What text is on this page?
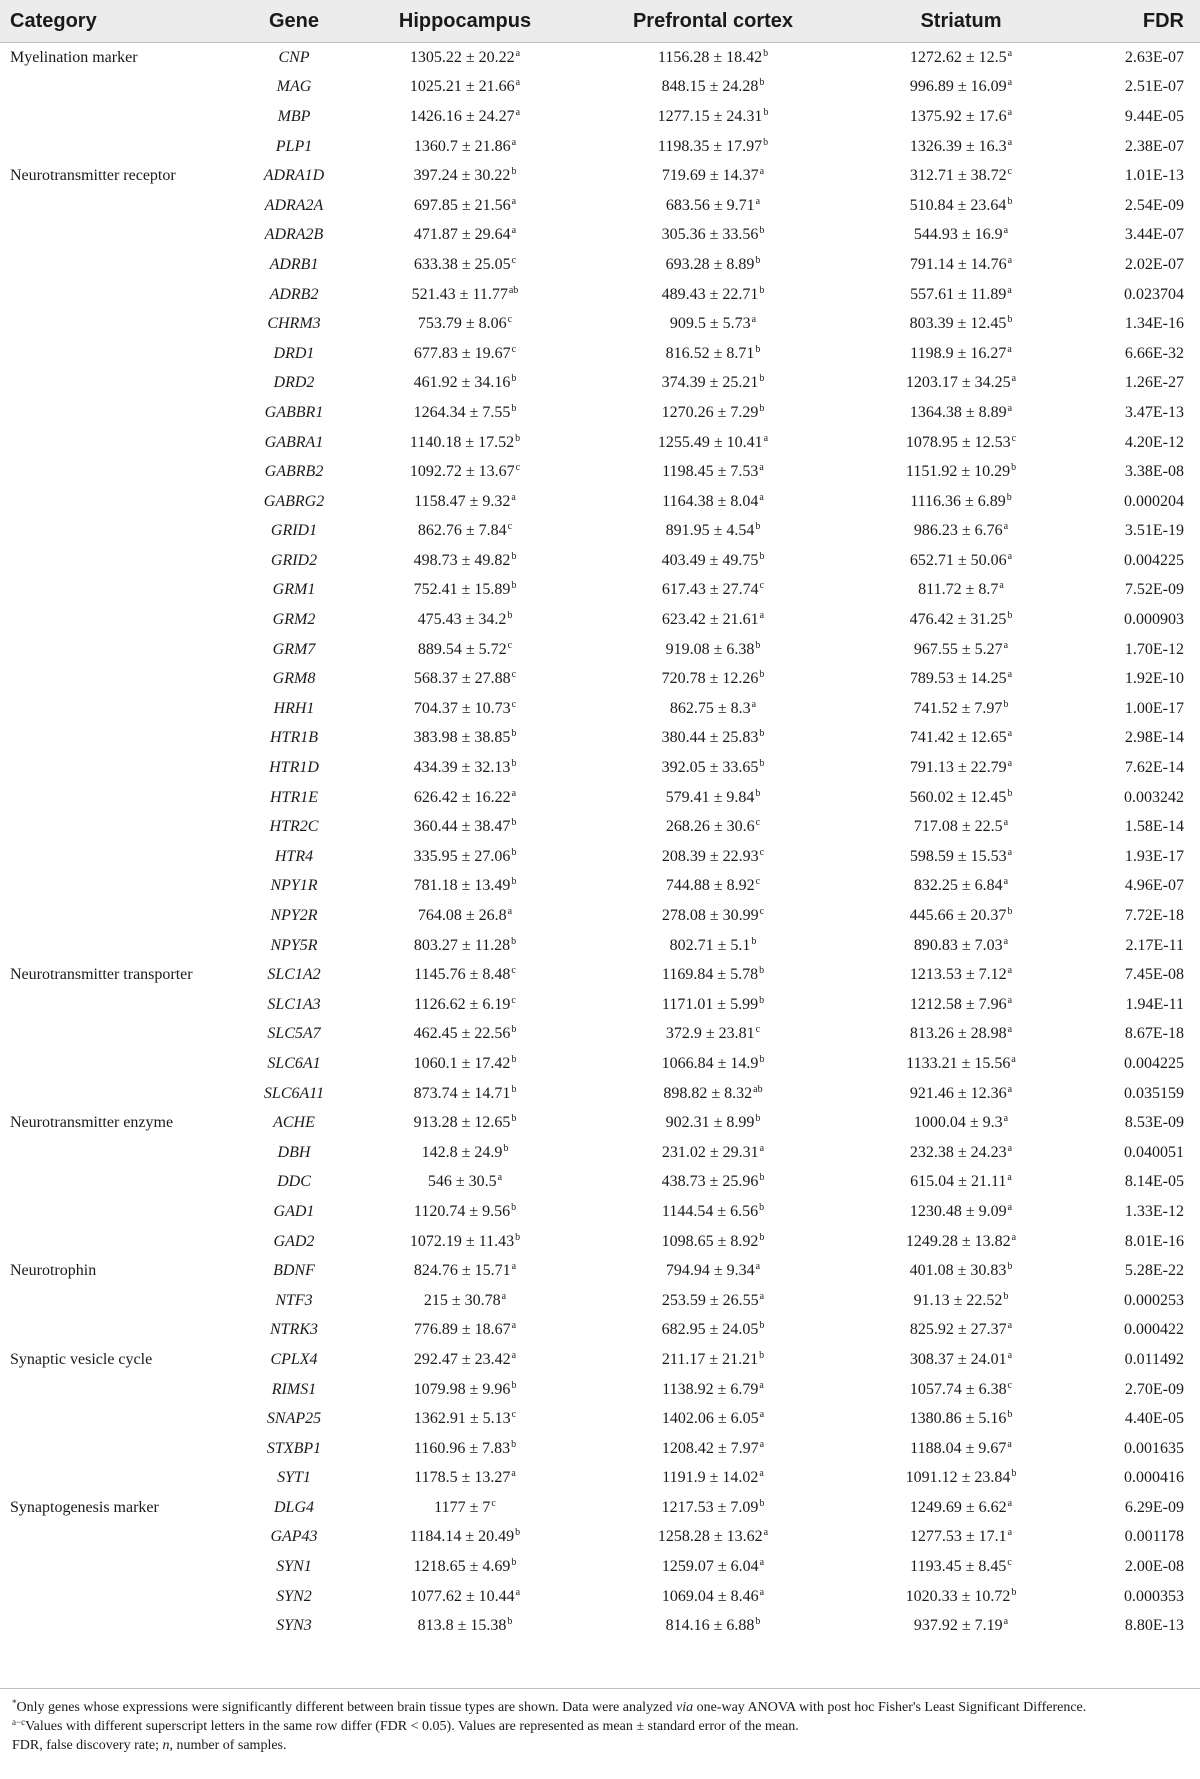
Category	Gene	Hippocampus	Prefrontal cortex	Striatum	FDR
Myelination marker	CNP	1305.22 ± 20.22$^a$	1156.28 ± 18.42$^b$	1272.62 ± 12.5$^a$	2.63E-07
	MAG	1025.21 ± 21.66$^a$	848.15 ± 24.28$^b$	996.89 ± 16.09$^a$	2.51E-07
	MBP	1426.16 ± 24.27$^a$	1277.15 ± 24.31$^b$	1375.92 ± 17.6$^a$	9.44E-05
	PLP1	1360.7 ± 21.86$^a$	1198.35 ± 17.97$^b$	1326.39 ± 16.3$^a$	2.38E-07
Neurotransmitter receptor	ADRA1D	397.24 ± 30.22$^b$	719.69 ± 14.37$^a$	312.71 ± 38.72$^c$	1.01E-13
	ADRA2A	697.85 ± 21.56$^a$	683.56 ± 9.71$^a$	510.84 ± 23.64$^b$	2.54E-09
	ADRA2B	471.87 ± 29.64$^a$	305.36 ± 33.56$^b$	544.93 ± 16.9$^a$	3.44E-07
	ADRB1	633.38 ± 25.05$^c$	693.28 ± 8.89$^b$	791.14 ± 14.76$^a$	2.02E-07
	ADRB2	521.43 ± 11.77$^{ab}$	489.43 ± 22.71$^b$	557.61 ± 11.89$^a$	0.023704
	CHRM3	753.79 ± 8.06$^c$	909.5 ± 5.73$^a$	803.39 ± 12.45$^b$	1.34E-16
	DRD1	677.83 ± 19.67$^c$	816.52 ± 8.71$^b$	1198.9 ± 16.27$^a$	6.66E-32
	DRD2	461.92 ± 34.16$^b$	374.39 ± 25.21$^b$	1203.17 ± 34.25$^a$	1.26E-27
	GABBR1	1264.34 ± 7.55$^b$	1270.26 ± 7.29$^b$	1364.38 ± 8.89$^a$	3.47E-13
	GABRA1	1140.18 ± 17.52$^b$	1255.49 ± 10.41$^a$	1078.95 ± 12.53$^c$	4.20E-12
	GABRB2	1092.72 ± 13.67$^c$	1198.45 ± 7.53$^a$	1151.92 ± 10.29$^b$	3.38E-08
	GABRG2	1158.47 ± 9.32$^a$	1164.38 ± 8.04$^a$	1116.36 ± 6.89$^b$	0.000204
	GRID1	862.76 ± 7.84$^c$	891.95 ± 4.54$^b$	986.23 ± 6.76$^a$	3.51E-19
	GRID2	498.73 ± 49.82$^b$	403.49 ± 49.75$^b$	652.71 ± 50.06$^a$	0.004225
	GRM1	752.41 ± 15.89$^b$	617.43 ± 27.74$^c$	811.72 ± 8.7$^a$	7.52E-09
	GRM2	475.43 ± 34.2$^b$	623.42 ± 21.61$^a$	476.42 ± 31.25$^b$	0.000903
	GRM7	889.54 ± 5.72$^c$	919.08 ± 6.38$^b$	967.55 ± 5.27$^a$	1.70E-12
	GRM8	568.37 ± 27.88$^c$	720.78 ± 12.26$^b$	789.53 ± 14.25$^a$	1.92E-10
	HRH1	704.37 ± 10.73$^c$	862.75 ± 8.3$^a$	741.52 ± 7.97$^b$	1.00E-17
	HTR1B	383.98 ± 38.85$^b$	380.44 ± 25.83$^b$	741.42 ± 12.65$^a$	2.98E-14
	HTR1D	434.39 ± 32.13$^b$	392.05 ± 33.65$^b$	791.13 ± 22.79$^a$	7.62E-14
	HTR1E	626.42 ± 16.22$^a$	579.41 ± 9.84$^b$	560.02 ± 12.45$^b$	0.003242
	HTR2C	360.44 ± 38.47$^b$	268.26 ± 30.6$^c$	717.08 ± 22.5$^a$	1.58E-14
	HTR4	335.95 ± 27.06$^b$	208.39 ± 22.93$^c$	598.59 ± 15.53$^a$	1.93E-17
	NPY1R	781.18 ± 13.49$^b$	744.88 ± 8.92$^c$	832.25 ± 6.84$^a$	4.96E-07
	NPY2R	764.08 ± 26.8$^a$	278.08 ± 30.99$^c$	445.66 ± 20.37$^b$	7.72E-18
	NPY5R	803.27 ± 11.28$^b$	802.71 ± 5.1$^b$	890.83 ± 7.03$^a$	2.17E-11
Neurotransmitter transporter	SLC1A2	1145.76 ± 8.48$^c$	1169.84 ± 5.78$^b$	1213.53 ± 7.12$^a$	7.45E-08
	SLC1A3	1126.62 ± 6.19$^c$	1171.01 ± 5.99$^b$	1212.58 ± 7.96$^a$	1.94E-11
	SLC5A7	462.45 ± 22.56$^b$	372.9 ± 23.81$^c$	813.26 ± 28.98$^a$	8.67E-18
	SLC6A1	1060.1 ± 17.42$^b$	1066.84 ± 14.9$^b$	1133.21 ± 15.56$^a$	0.004225
	SLC6A11	873.74 ± 14.71$^b$	898.82 ± 8.32$^{ab}$	921.46 ± 12.36$^a$	0.035159
Neurotransmitter enzyme	ACHE	913.28 ± 12.65$^b$	902.31 ± 8.99$^b$	1000.04 ± 9.3$^a$	8.53E-09
	DBH	142.8 ± 24.9$^b$	231.02 ± 29.31$^a$	232.38 ± 24.23$^a$	0.040051
	DDC	546 ± 30.5$^a$	438.73 ± 25.96$^b$	615.04 ± 21.11$^a$	8.14E-05
	GAD1	1120.74 ± 9.56$^b$	1144.54 ± 6.56$^b$	1230.48 ± 9.09$^a$	1.33E-12
	GAD2	1072.19 ± 11.43$^b$	1098.65 ± 8.92$^b$	1249.28 ± 13.82$^a$	8.01E-16
Neurotrophin	BDNF	824.76 ± 15.71$^a$	794.94 ± 9.34$^a$	401.08 ± 30.83$^b$	5.28E-22
	NTF3	215 ± 30.78$^a$	253.59 ± 26.55$^a$	91.13 ± 22.52$^b$	0.000253
	NTRK3	776.89 ± 18.67$^a$	682.95 ± 24.05$^b$	825.92 ± 27.37$^a$	0.000422
Synaptic vesicle cycle	CPLX4	292.47 ± 23.42$^a$	211.17 ± 21.21$^b$	308.37 ± 24.01$^a$	0.011492
	RIMS1	1079.98 ± 9.96$^b$	1138.92 ± 6.79$^a$	1057.74 ± 6.38$^c$	2.70E-09
	SNAP25	1362.91 ± 5.13$^c$	1402.06 ± 6.05$^a$	1380.86 ± 5.16$^b$	4.40E-05
	STXBP1	1160.96 ± 7.83$^b$	1208.42 ± 7.97$^a$	1188.04 ± 9.67$^a$	0.001635
	SYT1	1178.5 ± 13.27$^a$	1191.9 ± 14.02$^a$	1091.12 ± 23.84$^b$	0.000416
Synaptogenesis marker	DLG4	$1177 \pm 7^c$	1217.53 ± 7.09$^b$	1249.69 ± 6.62$^a$	6.29E-09
	GAP43	1184.14 ± 20.49$^b$	1258.28 ± 13.62$^a$	1277.53 ± 17.1$^a$	0.001178
	SYN1	1218.65 ± 4.69$^b$	1259.07 ± 6.04$^a$	1193.45 ± 8.45$^c$	2.00E-08
	SYN2	1077.62 ± 10.44$^a$	1069.04 ± 8.46$^a$	1020.33 ± 10.72$^b$	0.000353
	SYN3	813.8 ± 15.38$^b$	814.16 ± 6.88$^b$	937.92 ± 7.19$^a$	8.80E-13

*Only genes whose expressions were significantly different between brain tissue types are shown. Data were analyzed via one-way ANOVA with post hoc Fisher's Least Significant Difference.

$^{a-c}$Values with different superscript letters in the same row differ (FDR < 0.05). Values are represented as mean ± standard error of the mean.

FDR, false discovery rate; n, number of samples.
